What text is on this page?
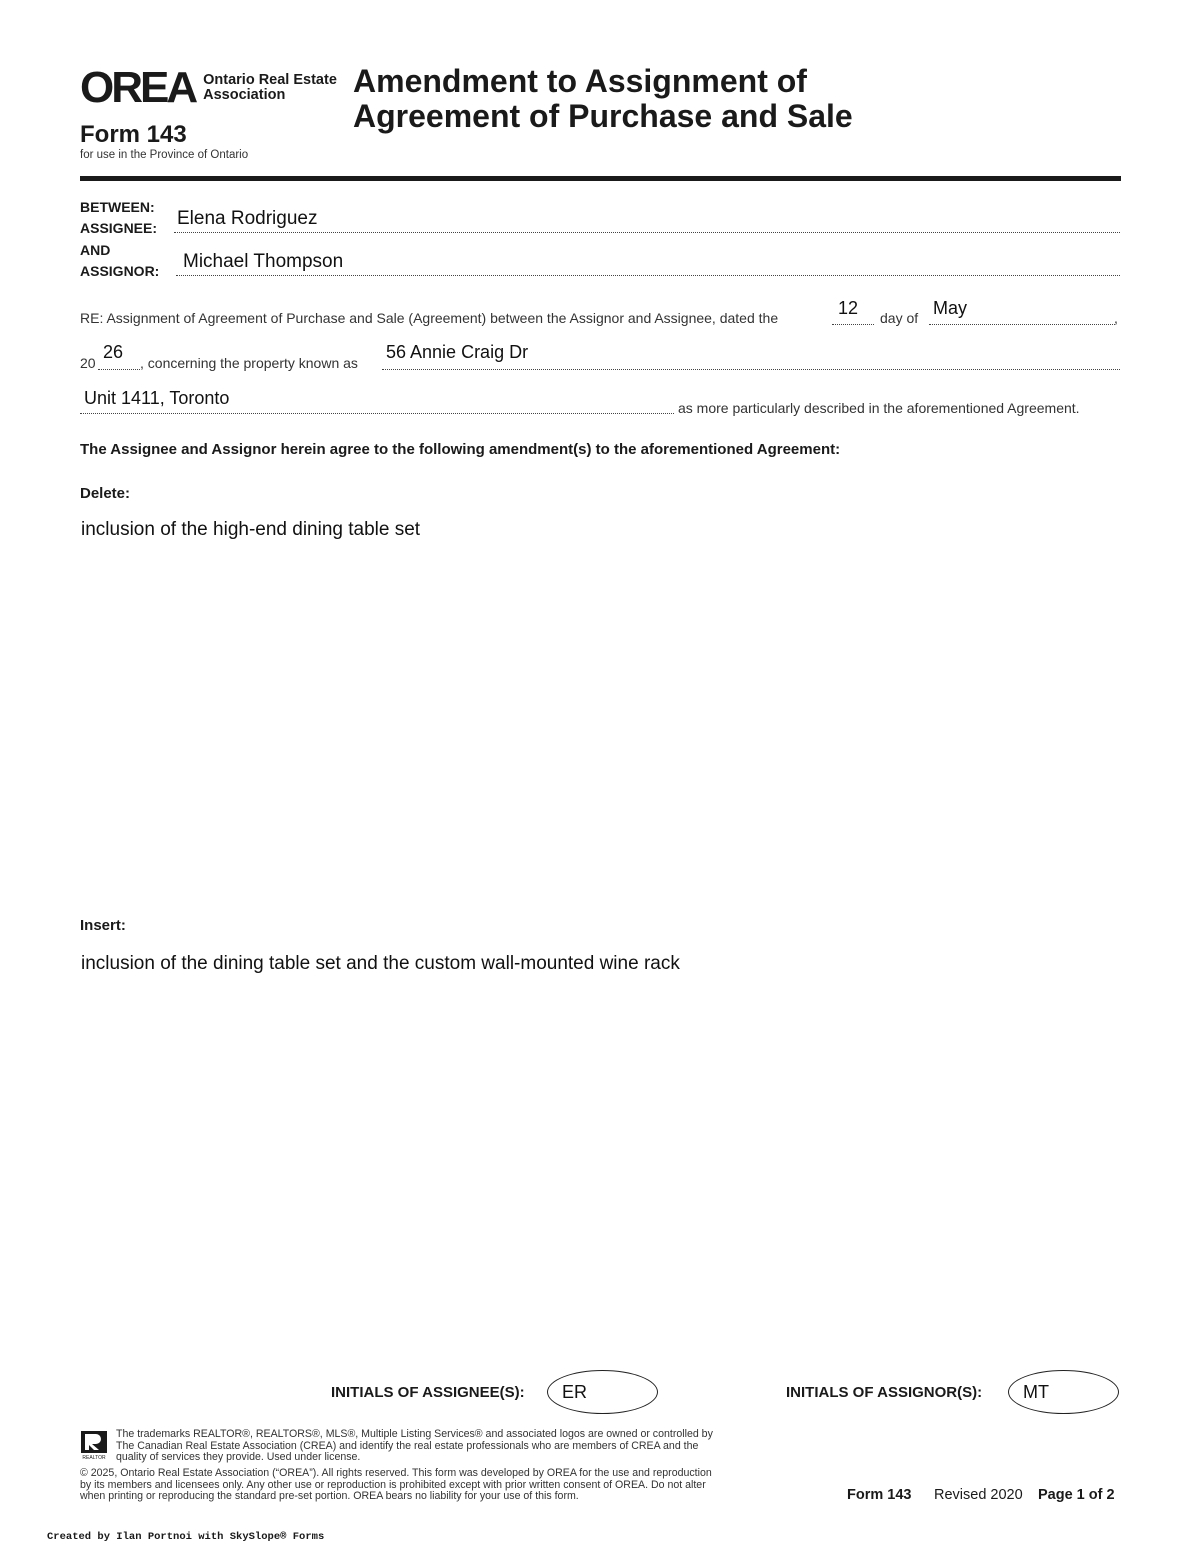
OREA Ontario Real Estate
Association
Form 143
for use in the Province of Ontario
Amendment to Assignment of
Agreement of Purchase and Sale
BETWEEN:
ASSIGNEE: Elena Rodriguez
AND
ASSIGNOR: Michael Thompson
RE: Assignment of Agreement of Purchase and Sale (Agreement) between the Assignor and Assignee, dated the	12 day of	,
May
20
26
, concerning the property known as
56 Annie Craig Dr
Unit 1411, Toronto	as more particularly described in the aforementioned Agreement.
The Assignee and Assignor herein agree to the following amendment(s) to the aforementioned Agreement:
Delete:
inclusion of the high-end dining table set
Insert:
inclusion of the dining table set and the custom wall-mounted wine rack
INITIALS OF ASSIGNEE(S): ER	INITIALS OF ASSIGNOR(S): MT
REALTOR
The trademarks REALTOR®, REALTORS®, MLS®, Multiple Listing Services® and associated logos are owned or controlled by
The Canadian Real Estate Association (CREA) and identify the real estate professionals who are members of CREA and the
quality of services they provide. Used under license.
© 2025, Ontario Real Estate Association (“OREA”). All rights reserved. This form was developed by OREA for the use and reproduction
by its members and licensees only. Any other use or reproduction is prohibited except with prior written consent of OREA. Do not alter
when printing or reproducing the standard pre-set portion. OREA bears no liability for your use of this form.	Form 143 Revised 2020 Page 1 of 2
Created by Ilan Portnoi with SkySlope® Forms
